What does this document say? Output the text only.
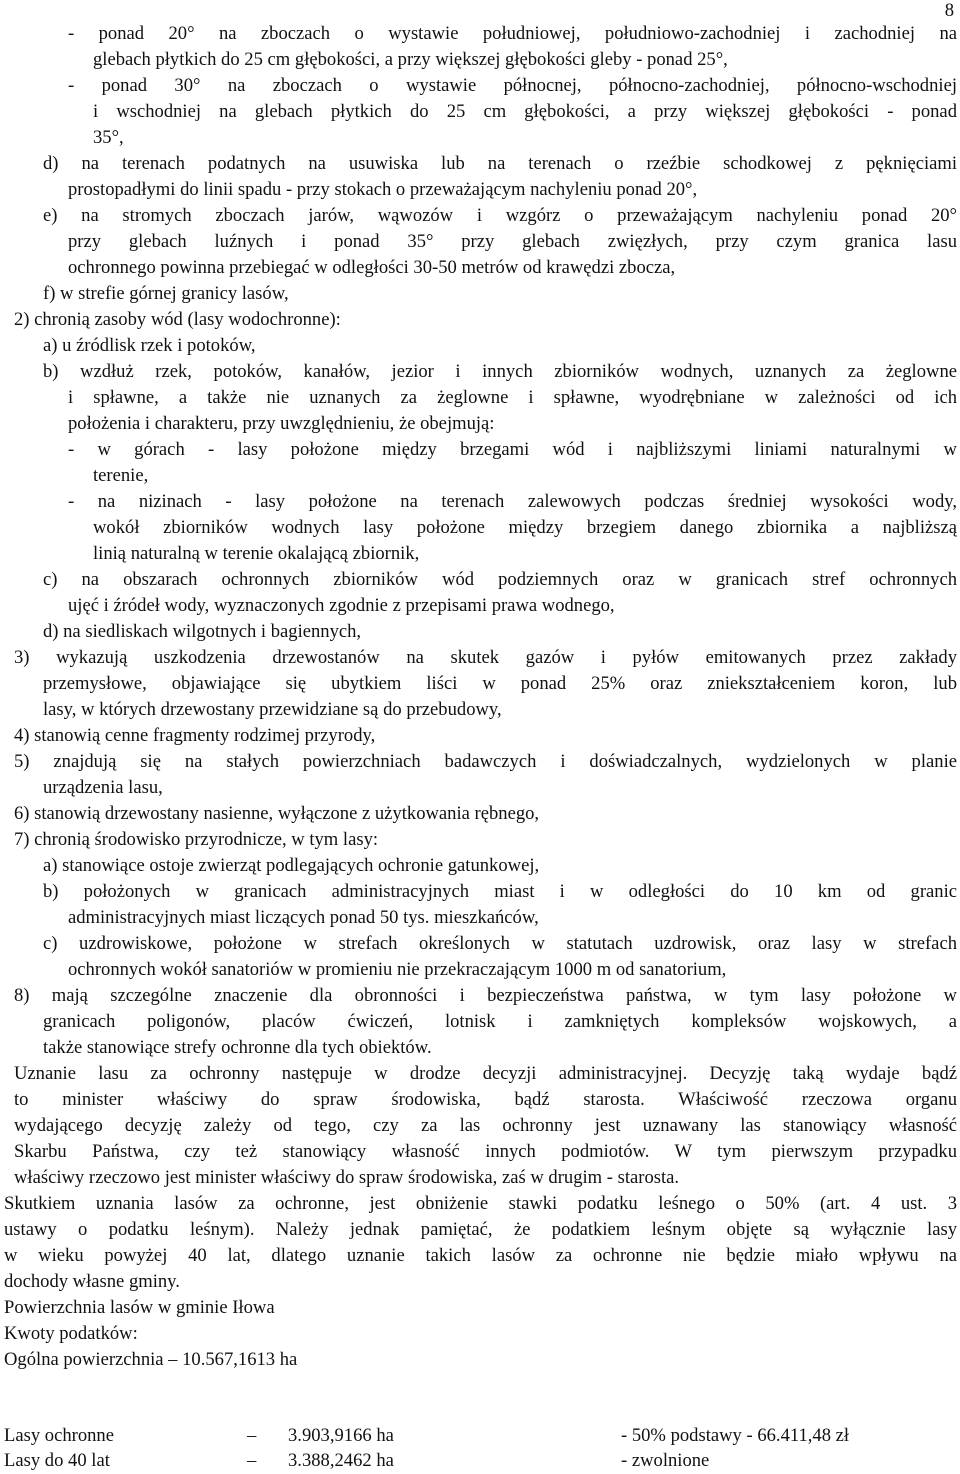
8
- ponad 20° na zboczach o wystawie południowej, południowo-zachodniej i zachodniej na
glebach płytkich do 25 cm głębokości, a przy większej głębokości gleby - ponad 25°,
- ponad 30° na zboczach o wystawie północnej, północno-zachodniej, północno-wschodniej
i wschodniej na glebach płytkich do 25 cm głębokości, a przy większej głębokości - ponad
35°,
d) na terenach podatnych na usuwiska lub na terenach o rzeźbie schodkowej z pęknięciami
prostopadłymi do linii spadu - przy stokach o przeważającym nachyleniu ponad 20°,
e) na stromych zboczach jarów, wąwozów i wzgórz o przeważającym nachyleniu ponad 20°
przy glebach luźnych i ponad 35° przy glebach zwięzłych, przy czym granica lasu
ochronnego powinna przebiegać w odległości 30-50 metrów od krawędzi zbocza,
f) w strefie górnej granicy lasów,
2) chronią zasoby wód (lasy wodochronne):
a) u źródlisk rzek i potoków,
b) wzdłuż rzek, potoków, kanałów, jezior i innych zbiorników wodnych, uznanych za żeglowne
i spławne, a także nie uznanych za żeglowne i spławne, wyodrębniane w zależności od ich
położenia i charakteru, przy uwzględnieniu, że obejmują:
- w górach - lasy położone między brzegami wód i najbliższymi liniami naturalnymi w
terenie,
- na nizinach - lasy położone na terenach zalewowych podczas średniej wysokości wody,
wokół zbiorników wodnych lasy położone między brzegiem danego zbiornika a najbliższą
linią naturalną w terenie okalającą zbiornik,
c) na obszarach ochronnych zbiorników wód podziemnych oraz w granicach stref ochronnych
ujęć i źródeł wody, wyznaczonych zgodnie z przepisami prawa wodnego,
d) na siedliskach wilgotnych i bagiennych,
3) wykazują uszkodzenia drzewostanów na skutek gazów i pyłów emitowanych przez zakłady
przemysłowe, objawiające się ubytkiem liści w ponad 25% oraz zniekształceniem koron, lub
lasy, w których drzewostany przewidziane są do przebudowy,
4) stanowią cenne fragmenty rodzimej przyrody,
5) znajdują się na stałych powierzchniach badawczych i doświadczalnych, wydzielonych w planie
urządzenia lasu,
6) stanowią drzewostany nasienne, wyłączone z użytkowania rębnego,
7) chronią środowisko przyrodnicze, w tym lasy:
a) stanowiące ostoje zwierząt podlegających ochronie gatunkowej,
b) położonych w granicach administracyjnych miast i w odległości do 10 km od granic
administracyjnych miast liczących ponad 50 tys. mieszkańców,
c) uzdrowiskowe, położone w strefach określonych w statutach uzdrowisk, oraz lasy w strefach
ochronnych wokół sanatoriów w promieniu nie przekraczającym 1000 m od sanatorium,
8) mają szczególne znaczenie dla obronności i bezpieczeństwa państwa, w tym lasy położone w
granicach poligonów, placów ćwiczeń, lotnisk i zamkniętych kompleksów wojskowych, a
także stanowiące strefy ochronne dla tych obiektów.
Uznanie lasu za ochronny następuje w drodze decyzji administracyjnej. Decyzję taką wydaje bądź
to minister właściwy do spraw środowiska, bądź starosta. Właściwość rzeczowa organu
wydającego decyzję zależy od tego, czy za las ochronny jest uznawany las stanowiący własność
Skarbu Państwa, czy też stanowiący własność innych podmiotów. W tym pierwszym przypadku
właściwy rzeczowo jest minister właściwy do spraw środowiska, zaś w drugim - starosta.
Skutkiem uznania lasów za ochronne, jest obniżenie stawki podatku leśnego o 50% (art. 4 ust. 3
ustawy o podatku leśnym). Należy jednak pamiętać, że podatkiem leśnym objęte są wyłącznie lasy
w wieku powyżej 40 lat, dlatego uznanie takich lasów za ochronne nie będzie miało wpływu na
dochody własne gminy.
Powierzchnia lasów w gminie Iłowa
Kwoty podatków:
Ogólna powierzchnia – 10.567,1613 ha
Lasy ochronne	– 3.903,9166 ha	- 50% podstawy - 66.411,48 zł
Lasy do 40 lat	– 3.388,2462 ha	- zwolnione
